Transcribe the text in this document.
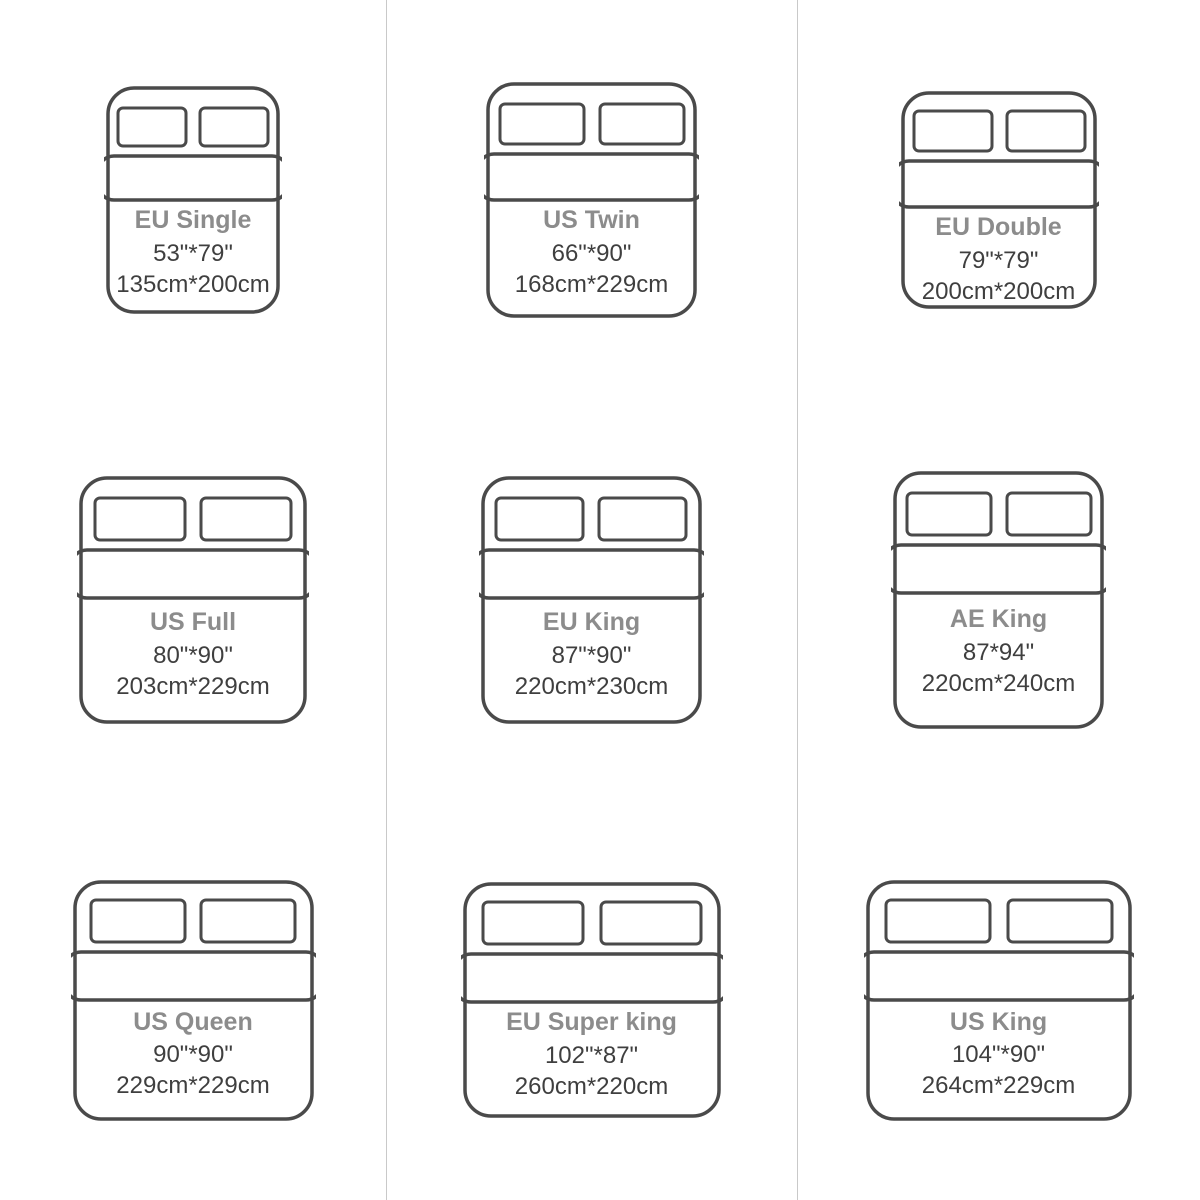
EU Single
53"*79"
135cm*200cm
US Twin
66"*90"
168cm*229cm
EU Double
79"*79"
200cm*200cm
US Full
80"*90"
203cm*229cm
EU King
87"*90"
220cm*230cm
AE King
87*94"
220cm*240cm
US Queen
90"*90"
229cm*229cm
EU Super king
102"*87"
260cm*220cm
US King
104"*90"
264cm*229cm
